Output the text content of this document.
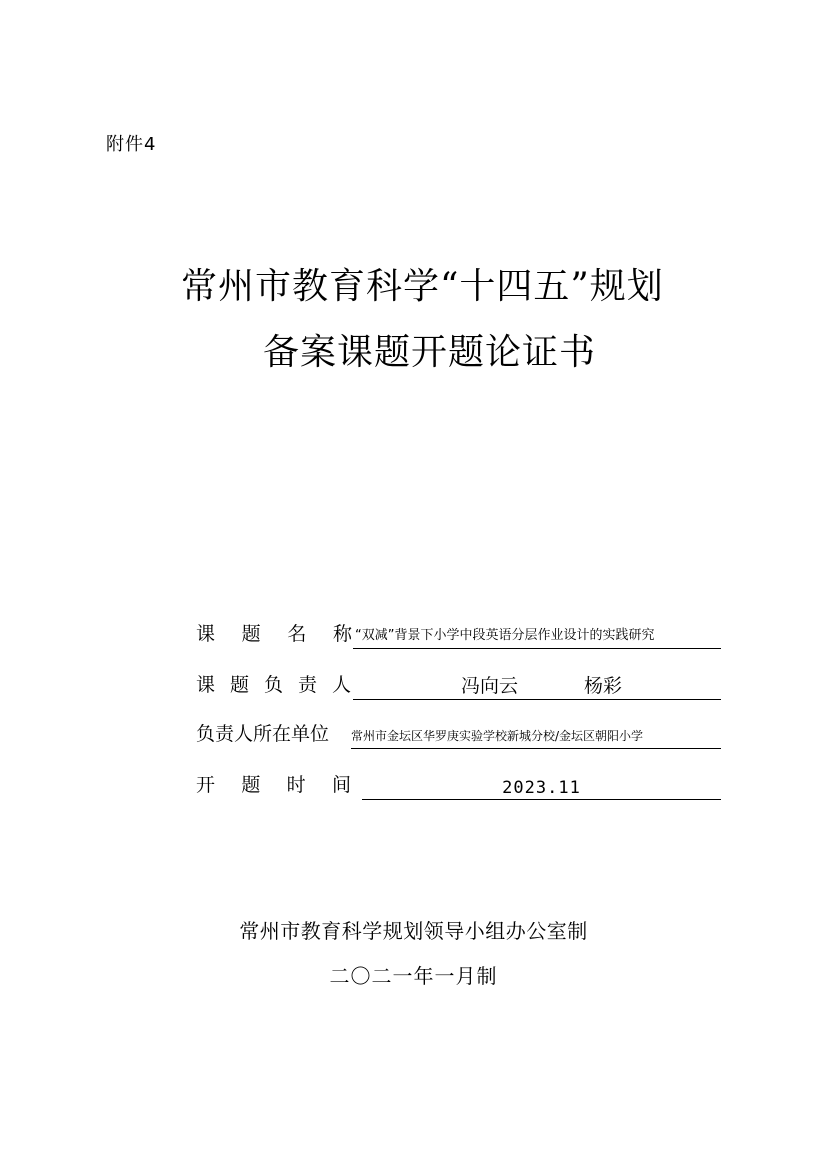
附件4
常州市教育科学“十四五”规划
备案课题开题论证书
课 题 名 称 “双减”背景下小学中段英语分层作业设计的实践研究
课 题 负 责 人	冯向云	杨彩
负责人所在单位 常州市金坛区华罗庚实验学校新城分校/金坛区朝阳小学
开 题 时 间	2023.11
常州市教育科学规划领导小组办公室制
二〇二一年一月制
